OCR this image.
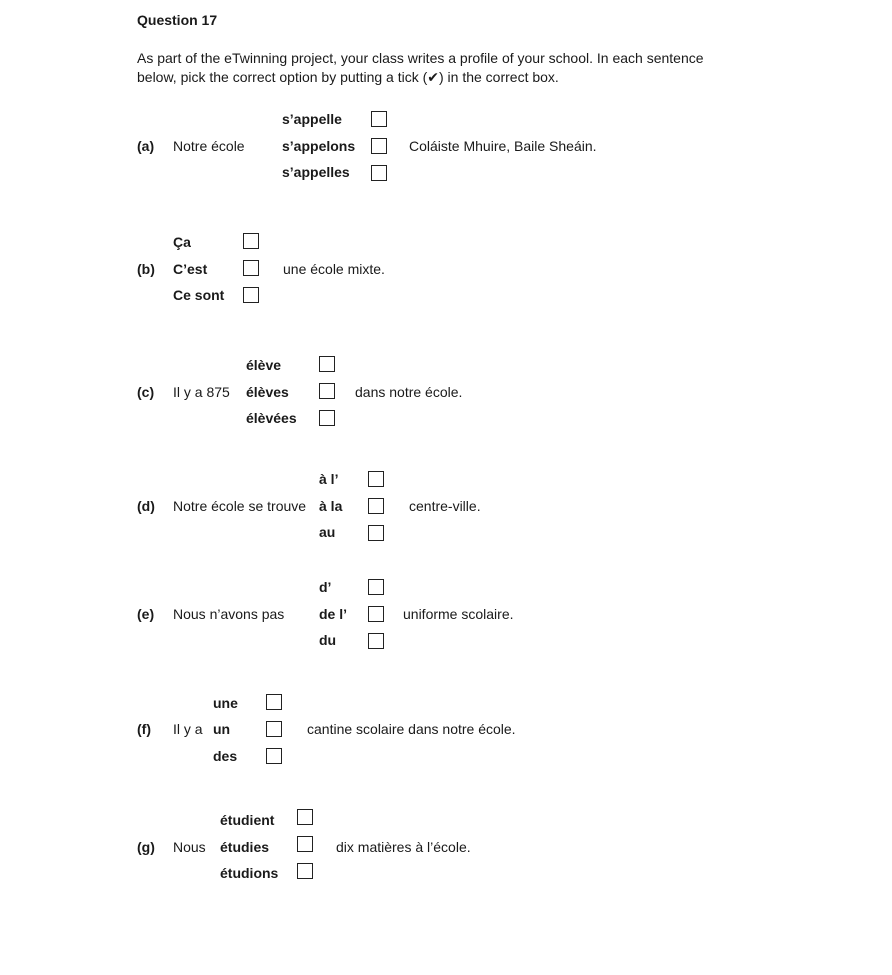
Question 17
As part of the eTwinning project, your class writes a profile of your school. In each sentence below, pick the correct option by putting a tick (✔) in the correct box.
(a) Notre école
s’appelle
s’appelons
s’appelles
Coláiste Mhuire, Baile Sheáin.
(b)
Ça
C’est
Ce sont
une école mixte.
(c) Il y a 875
élève
élèves
élèvées
dans notre école.
(d) Notre école se trouve
à l’
à la
au
centre-ville.
(e) Nous n’avons pas
d’
de l’
du
uniforme scolaire.
(f) Il y a
une
un
des
cantine scolaire dans notre école.
(g) Nous
étudient
étudies
étudions
dix matières à l’école.
